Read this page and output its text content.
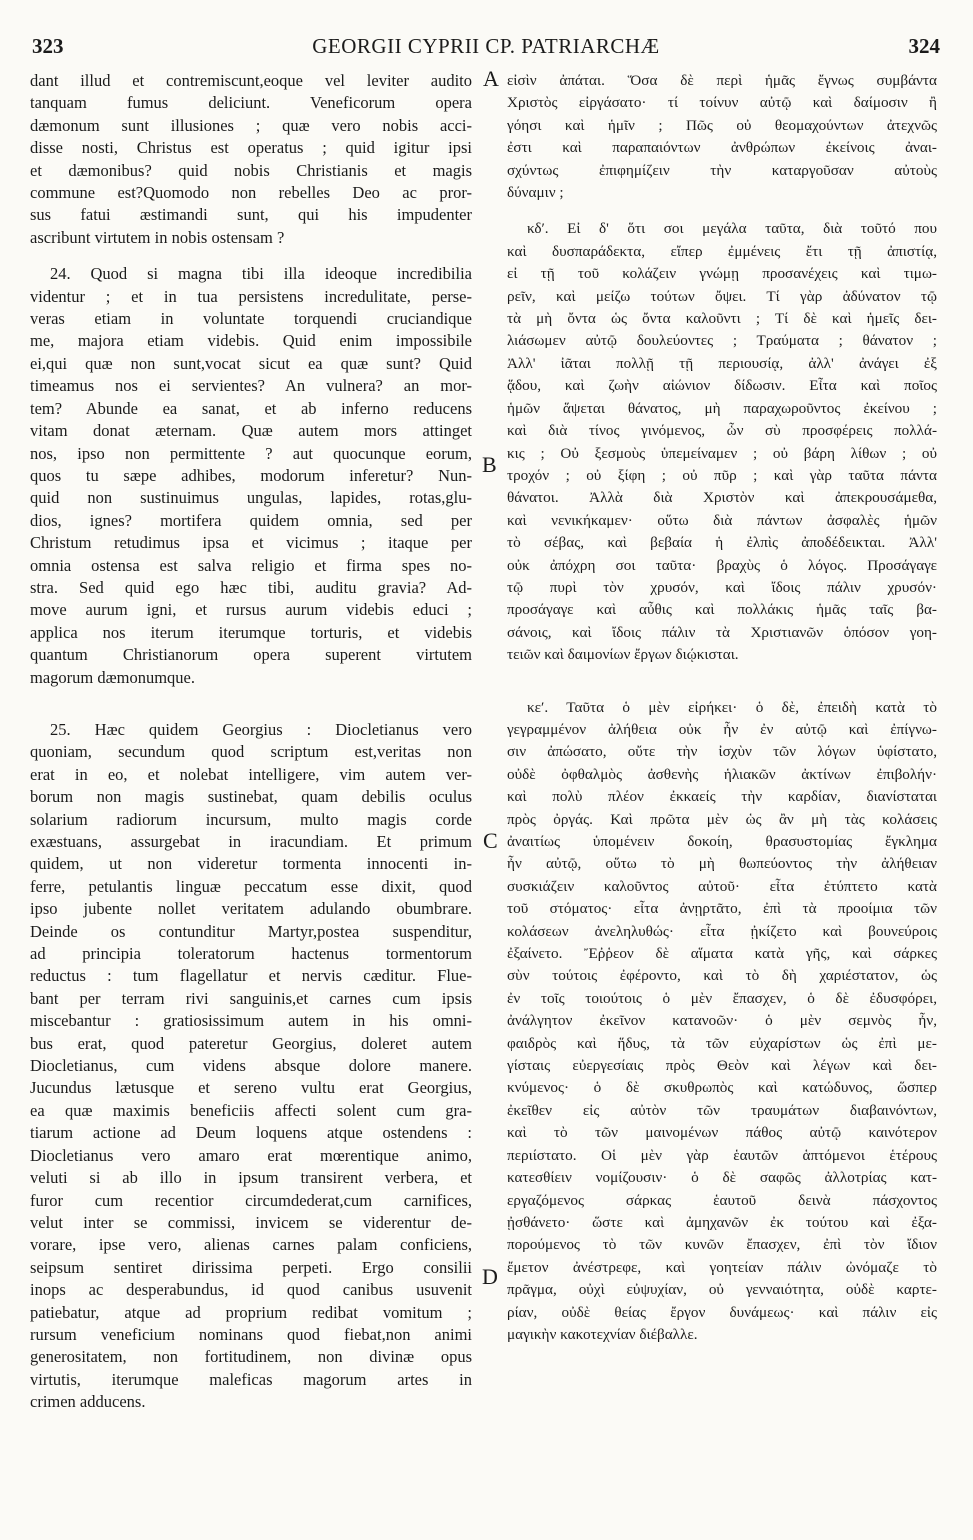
323	GEORGII CYPRII CP. PATRIARCHÆ	324
A
B
C
D
dant illud et contremiscunt,eoque vel leviter audito
tanquam fumus deliciunt. Veneficorum opera
dæmonum sunt illusiones ; quæ vero nobis acci-
disse nosti, Christus est operatus ; quid igitur ipsi
et dæmonibus? quid nobis Christianis et magis
commune est?Quomodo non rebelles Deo ac pror-
sus fatui æstimandi sunt, qui his impudenter
ascribunt virtutem in nobis ostensam ?
24. Quod si magna tibi illa ideoque incredibilia
videntur ; et in tua persistens incredulitate, perse-
veras etiam in voluntate torquendi cruciandique
me, majora etiam videbis. Quid enim impossibile
ei,qui quæ non sunt,vocat sicut ea quæ sunt? Quid
timeamus nos ei servientes? An vulnera? an mor-
tem? Abunde ea sanat, et ab inferno reducens
vitam donat æternam. Quæ autem mors attinget
nos, ipso non permittente ? aut quocunque eorum,
quos tu sæpe adhibes, modorum inferetur? Nun-
quid non sustinuimus ungulas, lapides, rotas,glu-
dios, ignes? mortifera quidem omnia, sed per
Christum retudimus ipsa et vicimus ; itaque per
omnia ostensa est salva religio et firma spes no-
stra. Sed quid ego hæc tibi, auditu gravia? Ad-
move aurum igni, et rursus aurum videbis educi ;
applica nos iterum iterumque torturis, et videbis
quantum Christianorum opera superent virtutem
magorum dæmonumque.
25. Hæc quidem Georgius : Diocletianus vero
quoniam, secundum quod scriptum est,veritas non
erat in eo, et nolebat intelligere, vim autem ver-
borum non magis sustinebat, quam debilis oculus
solarium radiorum incursum, multo magis corde
exæstuans, assurgebat in iracundiam. Et primum
quidem, ut non videretur tormenta innocenti in-
ferre, petulantis linguæ peccatum esse dixit, quod
ipso jubente nollet veritatem adulando obumbrare.
Deinde os contunditur Martyr,postea suspenditur,
ad principia toleratorum hactenus tormentorum
reductus : tum flagellatur et nervis cæditur. Flue-
bant per terram rivi sanguinis,et carnes cum ipsis
miscebantur : gratiosissimum autem in his omni-
bus erat, quod pateretur Georgius, doleret autem
Diocletianus, cum videns absque dolore manere.
Jucundus lætusque et sereno vultu erat Georgius,
ea quæ maximis beneficiis affecti solent cum gra-
tiarum actione ad Deum loquens atque ostendens :
Diocletianus vero amaro erat mœrentique animo,
veluti si ab illo in ipsum transirent verbera, et
furor cum recentior circumdederat,cum carnifices,
velut inter se commissi, invicem se viderentur de-
vorare, ipse vero, alienas carnes palam conficiens,
seipsum sentiret dirissima perpeti. Ergo consilii
inops ac desperabundus, id quod canibus usuvenit
patiebatur, atque ad proprium redibat vomitum ;
rursum veneficium nominans quod fiebat,non animi
generositatem, non fortitudinem, non divinæ opus
virtutis, iterumque maleficas magorum artes in
crimen adducens.
εἰσὶν ἀπάται. Ὅσα δὲ περὶ ἡμᾶς ἔγνως συμβάντα
Χριστὸς εἰργάσατο· τί τοίνυν αὐτῷ καὶ δαίμοσιν ἢ
γόησι καὶ ἡμῖν ; Πῶς οὐ θεομαχούντων ἀτεχνῶς
ἐστι καὶ παραπαιόντων ἀνθρώπων ἐκείνοις ἀναι-
σχύντως ἐπιφημίζειν τὴν καταργοῦσαν αὐτοὺς
δύναμιν ;
κδʹ. Εἰ δ' ὅτι σοι μεγάλα ταῦτα, διὰ τοῦτό που
καὶ δυσπαράδεκτα, εἴπερ ἐμμένεις ἔτι τῇ ἀπιστίᾳ,
εἰ τῇ τοῦ κολάζειν γνώμῃ προσανέχεις καὶ τιμω-
ρεῖν, καὶ μείζω τούτων ὄψει. Τί γὰρ ἀδύνατον τῷ
τὰ μὴ ὄντα ὡς ὄντα καλοῦντι ; Τί δὲ καὶ ἡμεῖς δει-
λιάσωμεν αὐτῷ δουλεύοντες ; Τραύματα ; θάνατον ;
Ἀλλ' ἰᾶται πολλῇ τῇ περιουσίᾳ, ἀλλ' ἀνάγει ἐξ
ᾅδου, καὶ ζωὴν αἰώνιον δίδωσιν. Εἶτα καὶ ποῖος
ἡμῶν ἅψεται θάνατος, μὴ παραχωροῦντος ἐκείνου ;
καὶ διὰ τίνος γινόμενος, ὧν σὺ προσφέρεις πολλά-
κις ; Οὐ ξεσμοὺς ὑπεμείναμεν ; οὐ βάρη λίθων ; οὐ
τροχόν ; οὐ ξίφη ; οὐ πῦρ ; καὶ γὰρ ταῦτα πάντα
θάνατοι. Ἀλλὰ διὰ Χριστὸν καὶ ἀπεκρουσάμεθα,
καὶ νενικήκαμεν· οὕτω διὰ πάντων ἀσφαλὲς ἡμῶν
τὸ σέβας, καὶ βεβαία ἡ ἐλπὶς ἀποδέδεικται. Ἀλλ'
οὐκ ἀπόχρη σοι ταῦτα· βραχὺς ὁ λόγος. Προσάγαγε
τῷ πυρὶ τὸν χρυσόν, καὶ ἴδοις πάλιν χρυσόν·
προσάγαγε καὶ αὖθις καὶ πολλάκις ἡμᾶς ταῖς βα-
σάνοις, καὶ ἴδοις πάλιν τὰ Χριστιανῶν ὁπόσον γοη-
τειῶν καὶ δαιμονίων ἔργων διῴκισται.
κεʹ. Ταῦτα ὁ μὲν εἰρήκει· ὁ δὲ, ἐπειδὴ κατὰ τὸ
γεγραμμένον ἀλήθεια οὐκ ἦν ἐν αὐτῷ καὶ ἐπίγνω-
σιν ἀπώσατο, οὔτε τὴν ἰσχὺν τῶν λόγων ὑφίστατο,
οὐδὲ ὀφθαλμὸς ἀσθενὴς ἡλιακῶν ἀκτίνων ἐπιβολήν·
καὶ πολὺ πλέον ἐκκαείς τὴν καρδίαν, διανίσταται
πρὸς ὀργάς. Καὶ πρῶτα μὲν ὡς ἂν μὴ τὰς κολάσεις
ἀναιτίως ὑπομένειν δοκοίη, θρασυστομίας ἔγκλημα
ἦν αὐτῷ, οὕτω τὸ μὴ θωπεύοντος τὴν ἀλήθειαν
συσκιάζειν καλοῦντος αὐτοῦ· εἶτα ἐτύπτετο κατὰ
τοῦ στόματος· εἶτα ἀνῃρτᾶτο, ἐπὶ τὰ προοίμια τῶν
κολάσεων ἀνεληλυθώς· εἶτα ᾐκίζετο καὶ βουνεύροις
ἐξαίνετο. Ἔῤῥεον δὲ αἵματα κατὰ γῆς, καὶ σάρκες
σὺν τούτοις ἐφέροντο, καὶ τὸ δὴ χαριέστατον, ὡς
ἐν τοῖς τοιούτοις ὁ μὲν ἔπασχεν, ὁ δὲ ἐδυσφόρει,
ἀνάλγητον ἐκεῖνον κατανοῶν· ὁ μὲν σεμνὸς ἦν,
φαιδρὸς καὶ ἥδυς, τὰ τῶν εὐχαρίστων ὡς ἐπὶ με-
γίσταις εὐεργεσίαις πρὸς Θεὸν καὶ λέγων καὶ δει-
κνύμενος· ὁ δὲ σκυθρωπὸς καὶ κατώδυνος, ὥσπερ
ἐκεῖθεν εἰς αὐτὸν τῶν τραυμάτων διαβαινόντων,
καὶ τὸ τῶν μαινομένων πάθος αὐτῷ καινότερον
περιίστατο. Οἱ μὲν γὰρ ἑαυτῶν ἁπτόμενοι ἑτέρους
κατεσθίειν νομίζουσιν· ὁ δὲ σαφῶς ἀλλοτρίας κατ-
εργαζόμενος σάρκας ἑαυτοῦ δεινὰ πάσχοντος
ᾐσθάνετο· ὥστε καὶ ἀμηχανῶν ἐκ τούτου καὶ ἐξα-
πορούμενος τὸ τῶν κυνῶν ἔπασχεν, ἐπὶ τὸν ἴδιον
ἔμετον ἀνέστρεφε, καὶ γοητείαν πάλιν ὠνόμαζε τὸ
πρᾶγμα, οὐχὶ εὐψυχίαν, οὐ γενναιότητα, οὐδὲ καρτε-
ρίαν, οὐδὲ θείας ἔργον δυνάμεως· καὶ πάλιν εἰς
μαγικὴν κακοτεχνίαν διέβαλλε.
